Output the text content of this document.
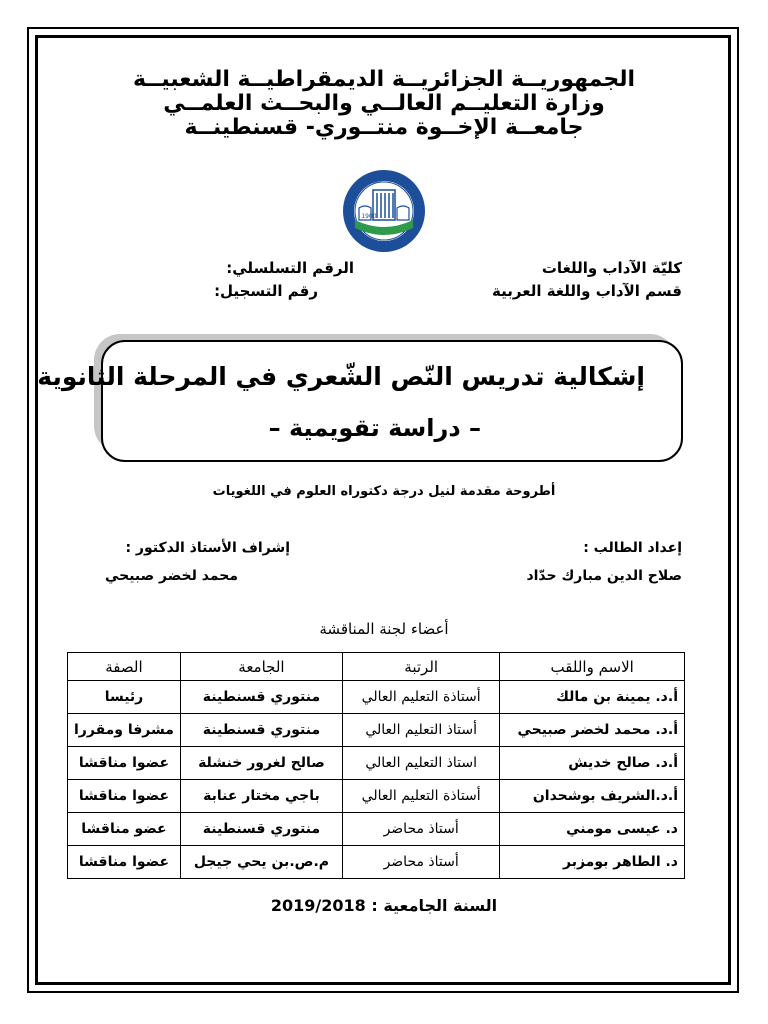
الجمهوريــة الجزائريــة الديمقراطيــة الشعبيــة
وزارة التعليــم العالــي والبحــث العلمــي
جامعــة الإخــوة منتــوري- قسنطينــة
1900
كليّة الآداب واللغات
قسم الآداب واللغة العربية
الرقم التسلسلي:
رقم التسجيل:
إشكالية تدريس النّص الشّعري في المرحلة الثانوية
– دراسة تقويمية –
أطروحة مقدمة لنيل درجة دكتوراه العلوم في اللغويات
إعداد الطالب :
صلاح الدين مبارك حدّاد
إشراف الأستاذ الدكتور :
محمد لخضر صبيحي
أعضاء لجنة المناقشة
الاسم واللقب	الرتبة	الجامعة	الصفة
أ.د. يمينة بن مالك	أستاذة التعليم العالي	منتوري قسنطينة	رئيسا
أ.د. محمد لخضر صبيحي	أستاذ التعليم العالي	منتوري قسنطينة	مشرفا ومقررا
أ.د. صالح خديش	استاذ التعليم العالي	صالح لغرور خنشلة	عضوا مناقشا
أ.د.الشريف بوشحدان	أستاذة التعليم العالي	باجي مختار عنابة	عضوا مناقشا
د. عيسى مومني	أستاذ محاضر	منتوري قسنطينة	عضو مناقشا
د. الطاهر بومزبر	أستاذ محاضر	م.ص.بن يحي جيجل	عضوا مناقشا
السنة الجامعية : 2019/2018
